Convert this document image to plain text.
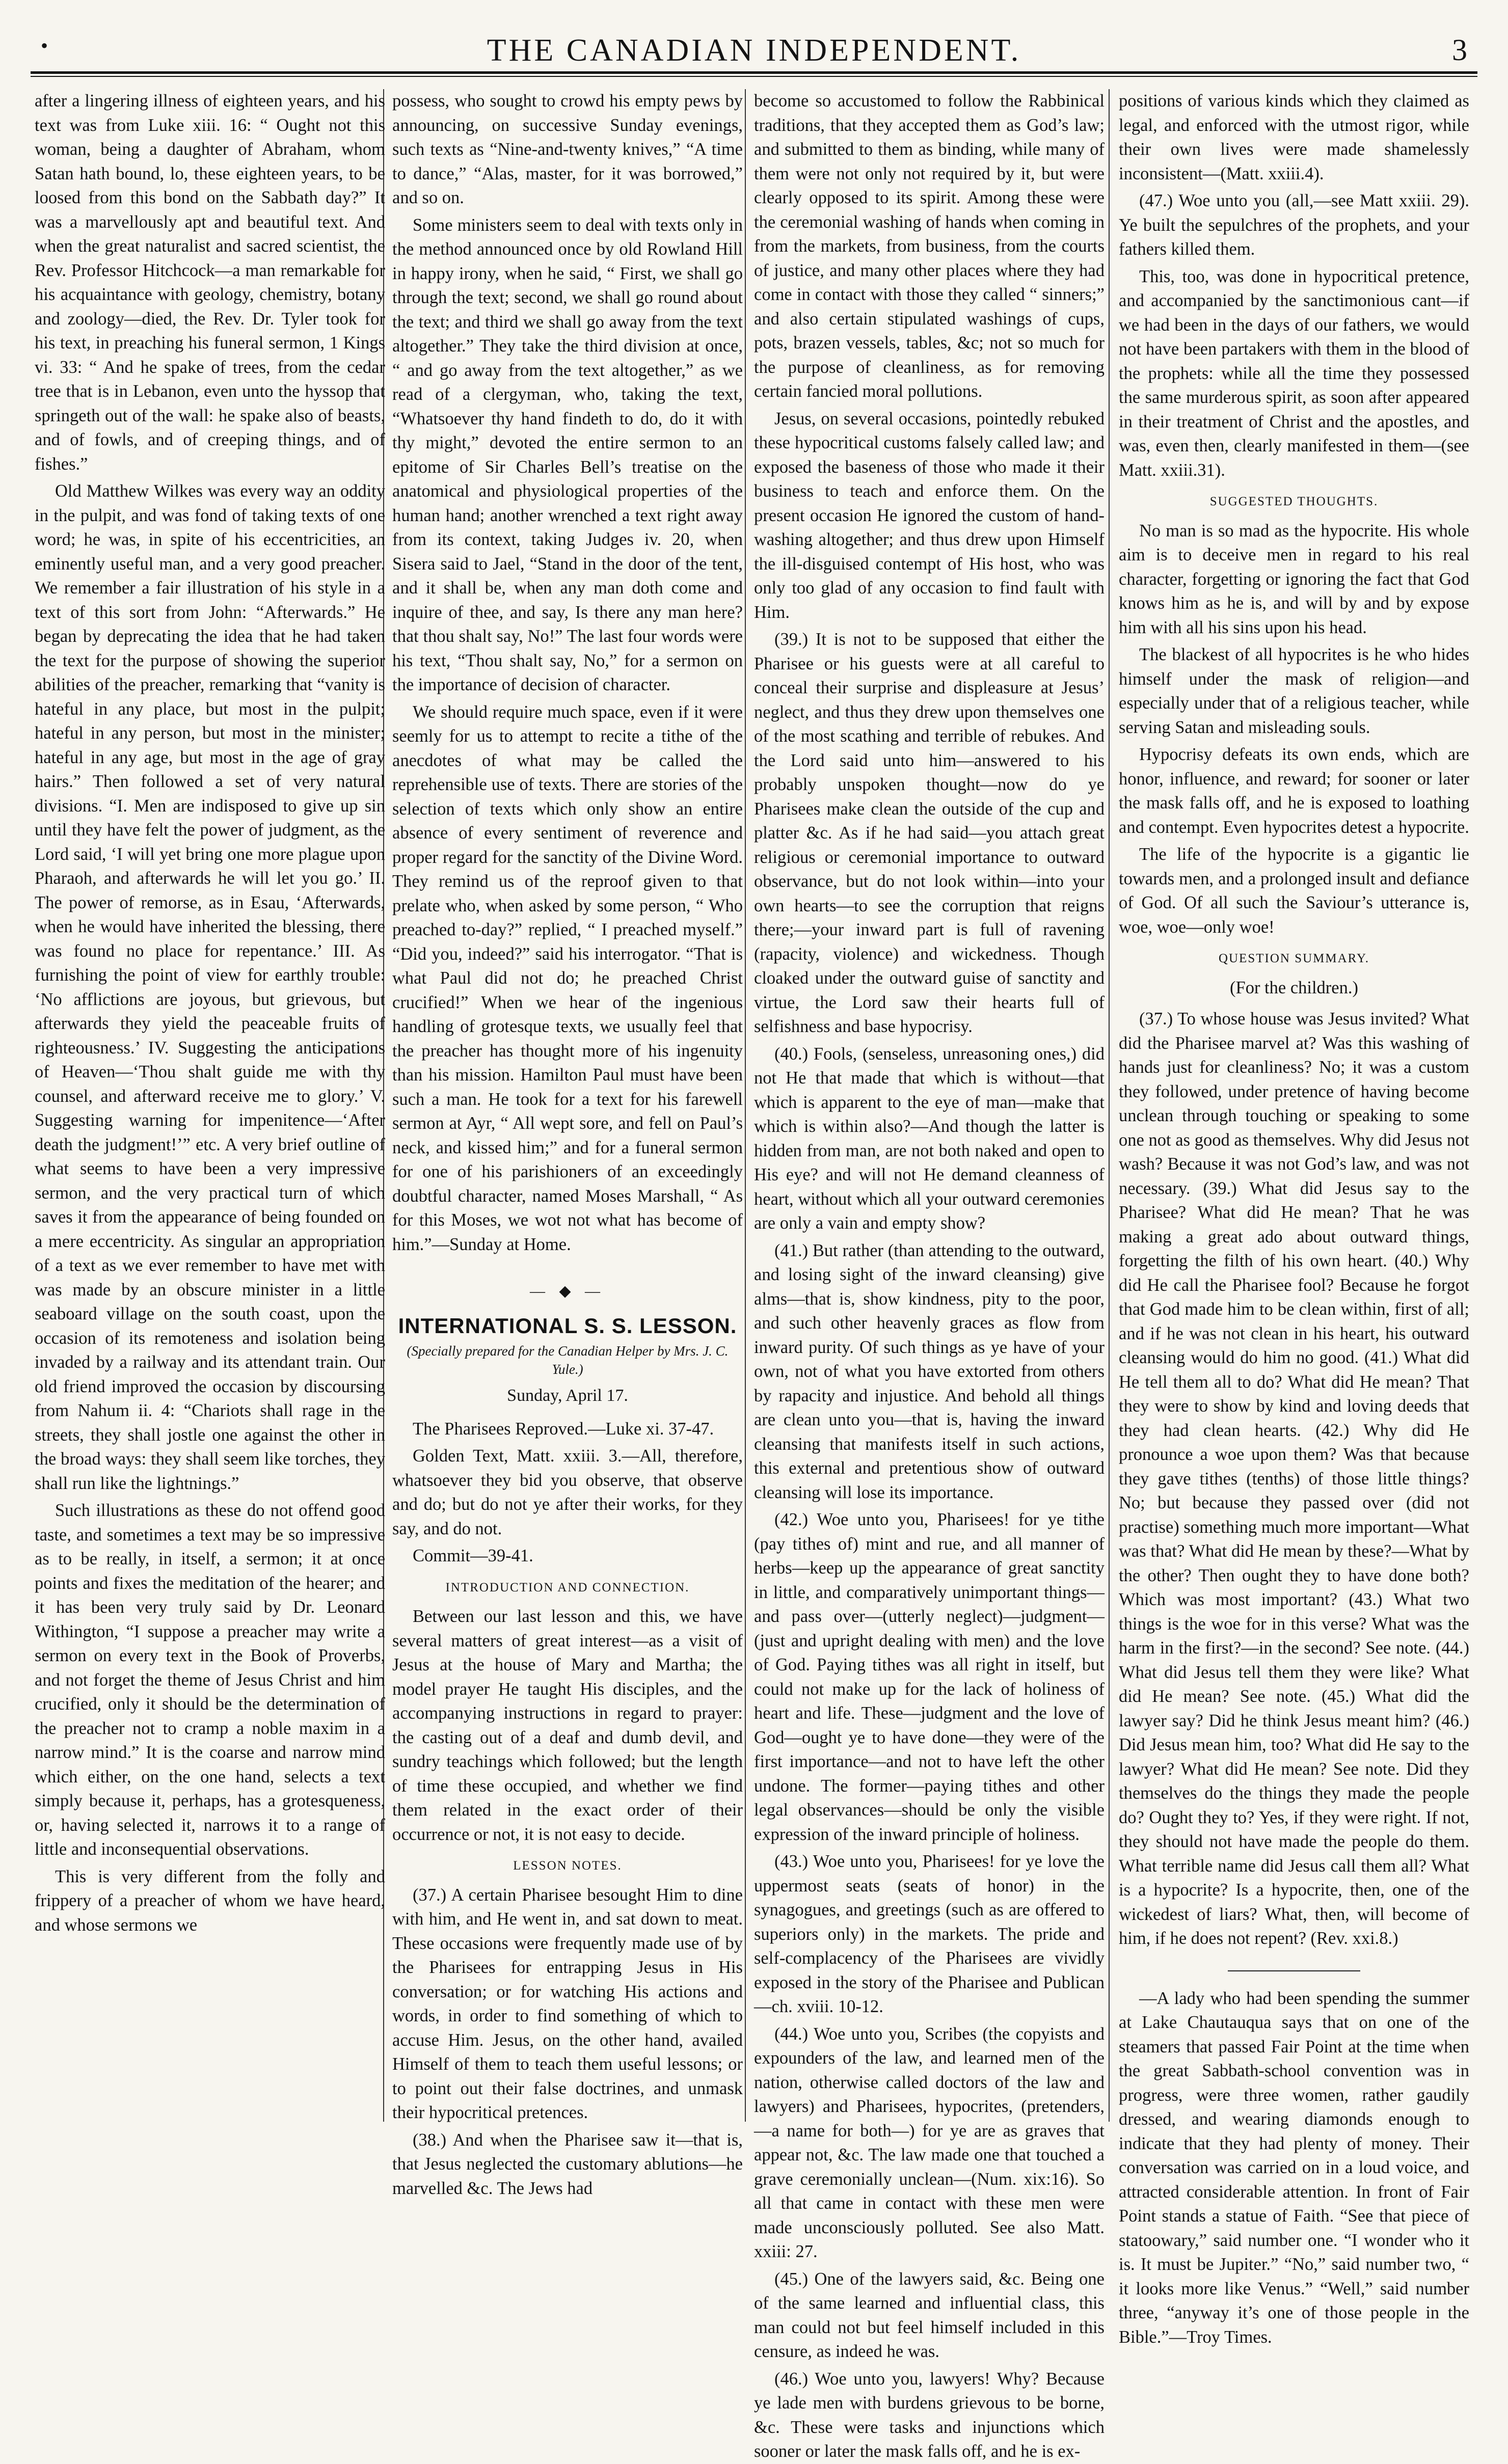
•	THE CANADIAN INDEPENDENT.	3

after a lingering illness of eighteen years, and his text was from Luke xiii. 16: “ Ought not this woman, being a daughter of Abraham, whom Satan hath bound, lo, these eighteen years, to be loosed from this bond on the Sabbath day?” It was a marvellously apt and beautiful text. And when the great naturalist and sacred scientist, the Rev. Professor Hitchcock—a man remarkable for his acquaintance with geology, chemistry, botany and zoology—died, the Rev. Dr. Tyler took for his text, in preaching his funeral sermon, 1 Kings vi. 33: “ And he spake of trees, from the cedar tree that is in Lebanon, even unto the hyssop that springeth out of the wall: he spake also of beasts, and of fowls, and of creeping things, and of fishes.”

Old Matthew Wilkes was every way an oddity in the pulpit, and was fond of taking texts of one word; he was, in spite of his eccentricities, an eminently useful man, and a very good preacher. We remember a fair illustration of his style in a text of this sort from John: “Afterwards.” He began by deprecating the idea that he had taken the text for the purpose of showing the superior abilities of the preacher, remarking that “vanity is hateful in any place, but most in the pulpit; hateful in any person, but most in the minister; hateful in any age, but most in the age of gray hairs.” Then followed a set of very natural divisions. “I. Men are indisposed to give up sin until they have felt the power of judgment, as the Lord said, ‘I will yet bring one more plague upon Pharaoh, and afterwards he will let you go.’ II. The power of remorse, as in Esau, ‘Afterwards, when he would have inherited the blessing, there was found no place for repentance.’ III. As furnishing the point of view for earthly trouble: ‘No afflictions are joyous, but grievous, but afterwards they yield the peaceable fruits of righteousness.’ IV. Suggesting the anticipations of Heaven—‘Thou shalt guide me with thy counsel, and afterward receive me to glory.’ V. Suggesting warning for impenitence—‘After death the judgment!’” etc. A very brief outline of what seems to have been a very impressive sermon, and the very practical turn of which saves it from the appearance of being founded on a mere eccentricity. As singular an appropriation of a text as we ever remember to have met with was made by an obscure minister in a little seaboard village on the south coast, upon the occasion of its remoteness and isolation being invaded by a railway and its attendant train. Our old friend improved the occasion by discoursing from Nahum ii. 4: “Chariots shall rage in the streets, they shall jostle one against the other in the broad ways: they shall seem like torches, they shall run like the lightnings.”

Such illustrations as these do not offend good taste, and sometimes a text may be so impressive as to be really, in itself, a sermon; it at once points and fixes the meditation of the hearer; and it has been very truly said by Dr. Leonard Withington, “I suppose a preacher may write a sermon on every text in the Book of Proverbs, and not forget the theme of Jesus Christ and him crucified, only it should be the determination of the preacher not to cramp a noble maxim in a narrow mind.” It is the coarse and narrow mind which either, on the one hand, selects a text simply because it, perhaps, has a grotesqueness, or, having selected it, narrows it to a range of little and inconsequential observations.

This is very different from the folly and frippery of a preacher of whom we have heard, and whose sermons we

possess, who sought to crowd his empty pews by announcing, on successive Sunday evenings, such texts as “Nine-and-twenty knives,” “A time to dance,” “Alas, master, for it was borrowed,” and so on.

Some ministers seem to deal with texts only in the method announced once by old Rowland Hill in happy irony, when he said, “ First, we shall go through the text; second, we shall go round about the text; and third we shall go away from the text altogether.” They take the third division at once, “ and go away from the text altogether,” as we read of a clergyman, who, taking the text, “Whatsoever thy hand findeth to do, do it with thy might,” devoted the entire sermon to an epitome of Sir Charles Bell’s treatise on the anatomical and physiological properties of the human hand; another wrenched a text right away from its context, taking Judges iv. 20, when Sisera said to Jael, “Stand in the door of the tent, and it shall be, when any man doth come and inquire of thee, and say, Is there any man here? that thou shalt say, No!” The last four words were his text, “Thou shalt say, No,” for a sermon on the importance of decision of character.

We should require much space, even if it were seemly for us to attempt to recite a tithe of the anecdotes of what may be called the reprehensible use of texts. There are stories of the selection of texts which only show an entire absence of every sentiment of reverence and proper regard for the sanctity of the Divine Word. They remind us of the reproof given to that prelate who, when asked by some person, “ Who preached to-day?” replied, “ I preached myself.” “Did you, indeed?” said his interrogator. “That is what Paul did not do; he preached Christ crucified!” When we hear of the ingenious handling of grotesque texts, we usually feel that the preacher has thought more of his ingenuity than his mission. Hamilton Paul must have been such a man. He took for a text for his farewell sermon at Ayr, “ All wept sore, and fell on Paul’s neck, and kissed him;” and for a funeral sermon for one of his parishioners of an exceedingly doubtful character, named Moses Marshall, “ As for this Moses, we wot not what has become of him.”—Sunday at Home.

— ◆ —
INTERNATIONAL S. S. LESSON.
(Specially prepared for the Canadian Helper by Mrs. J. C. Yule.)
Sunday, April 17.

The Pharisees Reproved.—Luke xi. 37-47.

Golden Text, Matt. xxiii. 3.—All, therefore, whatsoever they bid you observe, that observe and do; but do not ye after their works, for they say, and do not.

Commit—39-41.

INTRODUCTION AND CONNECTION.

Between our last lesson and this, we have several matters of great interest—as a visit of Jesus at the house of Mary and Martha; the model prayer He taught His disciples, and the accompanying instructions in regard to prayer: the casting out of a deaf and dumb devil, and sundry teachings which followed; but the length of time these occupied, and whether we find them related in the exact order of their occurrence or not, it is not easy to decide.

LESSON NOTES.

(37.) A certain Pharisee besought Him to dine with him, and He went in, and sat down to meat. These occasions were frequently made use of by the Pharisees for entrapping Jesus in His conversation; or for watching His actions and words, in order to find something of which to accuse Him. Jesus, on the other hand, availed Himself of them to teach them useful lessons; or to point out their false doctrines, and unmask their hypocritical pretences.

(38.) And when the Pharisee saw it—that is, that Jesus neglected the customary ablutions—he marvelled &c. The Jews had

become so accustomed to follow the Rabbinical traditions, that they accepted them as God’s law; and submitted to them as binding, while many of them were not only not required by it, but were clearly opposed to its spirit. Among these were the ceremonial washing of hands when coming in from the markets, from business, from the courts of justice, and many other places where they had come in contact with those they called “ sinners;” and also certain stipulated washings of cups, pots, brazen vessels, tables, &c; not so much for the purpose of cleanliness, as for removing certain fancied moral pollutions.

Jesus, on several occasions, pointedly rebuked these hypocritical customs falsely called law; and exposed the baseness of those who made it their business to teach and enforce them. On the present occasion He ignored the custom of hand-washing altogether; and thus drew upon Himself the ill-disguised contempt of His host, who was only too glad of any occasion to find fault with Him.

(39.) It is not to be supposed that either the Pharisee or his guests were at all careful to conceal their surprise and displeasure at Jesus’ neglect, and thus they drew upon themselves one of the most scathing and terrible of rebukes. And the Lord said unto him—answered to his probably unspoken thought—now do ye Pharisees make clean the outside of the cup and platter &c. As if he had said—you attach great religious or ceremonial importance to outward observance, but do not look within—into your own hearts—to see the corruption that reigns there;—your inward part is full of ravening (rapacity, violence) and wickedness. Though cloaked under the outward guise of sanctity and virtue, the Lord saw their hearts full of selfishness and base hypocrisy.

(40.) Fools, (senseless, unreasoning ones,) did not He that made that which is without—that which is apparent to the eye of man—make that which is within also?—And though the latter is hidden from man, are not both naked and open to His eye? and will not He demand cleanness of heart, without which all your outward ceremonies are only a vain and empty show?

(41.) But rather (than attending to the outward, and losing sight of the inward cleansing) give alms—that is, show kindness, pity to the poor, and such other heavenly graces as flow from inward purity. Of such things as ye have of your own, not of what you have extorted from others by rapacity and injustice. And behold all things are clean unto you—that is, having the inward cleansing that manifests itself in such actions, this external and pretentious show of outward cleansing will lose its importance.

(42.) Woe unto you, Pharisees! for ye tithe (pay tithes of) mint and rue, and all manner of herbs—keep up the appearance of great sanctity in little, and comparatively unimportant things—and pass over—(utterly neglect)—judgment—(just and upright dealing with men) and the love of God. Paying tithes was all right in itself, but could not make up for the lack of holiness of heart and life. These—judgment and the love of God—ought ye to have done—they were of the first importance—and not to have left the other undone. The former—paying tithes and other legal observances—should be only the visible expression of the inward principle of holiness.

(43.) Woe unto you, Pharisees! for ye love the uppermost seats (seats of honor) in the synagogues, and greetings (such as are offered to superiors only) in the markets. The pride and self-complacency of the Pharisees are vividly exposed in the story of the Pharisee and Publican—ch. xviii. 10-12.

(44.) Woe unto you, Scribes (the copyists and expounders of the law, and learned men of the nation, otherwise called doctors of the law and lawyers) and Pharisees, hypocrites, (pretenders,—a name for both—) for ye are as graves that appear not, &c. The law made one that touched a grave ceremonially unclean—(Num. xix:16). So all that came in contact with these men were made unconsciously polluted. See also Matt. xxiii: 27.

(45.) One of the lawyers said, &c. Being one of the same learned and influential class, this man could not but feel himself included in this censure, as indeed he was.

(46.) Woe unto you, lawyers! Why? Because ye lade men with burdens grievous to be borne, &c. These were tasks and injunctions which sooner or later the mask falls off, and he is ex-

positions of various kinds which they claimed as legal, and enforced with the utmost rigor, while their own lives were made shamelessly inconsistent—(Matt. xxiii.4).

(47.) Woe unto you (all,—see Matt xxiii. 29). Ye built the sepulchres of the prophets, and your fathers killed them.

This, too, was done in hypocritical pretence, and accompanied by the sanctimonious cant—if we had been in the days of our fathers, we would not have been partakers with them in the blood of the prophets: while all the time they possessed the same murderous spirit, as soon after appeared in their treatment of Christ and the apostles, and was, even then, clearly manifested in them—(see Matt. xxiii.31).

SUGGESTED THOUGHTS.

No man is so mad as the hypocrite. His whole aim is to deceive men in regard to his real character, forgetting or ignoring the fact that God knows him as he is, and will by and by expose him with all his sins upon his head.

The blackest of all hypocrites is he who hides himself under the mask of religion—and especially under that of a religious teacher, while serving Satan and misleading souls.

Hypocrisy defeats its own ends, which are honor, influence, and reward; for sooner or later the mask falls off, and he is exposed to loathing and contempt. Even hypocrites detest a hypocrite.

The life of the hypocrite is a gigantic lie towards men, and a prolonged insult and defiance of God. Of all such the Saviour’s utterance is, woe, woe—only woe!

QUESTION SUMMARY.
(For the children.)

(37.) To whose house was Jesus invited? What did the Pharisee marvel at? Was this washing of hands just for cleanliness? No; it was a custom they followed, under pretence of having become unclean through touching or speaking to some one not as good as themselves. Why did Jesus not wash? Because it was not God’s law, and was not necessary. (39.) What did Jesus say to the Pharisee? What did He mean? That he was making a great ado about outward things, forgetting the filth of his own heart. (40.) Why did He call the Pharisee fool? Because he forgot that God made him to be clean within, first of all; and if he was not clean in his heart, his outward cleansing would do him no good. (41.) What did He tell them all to do? What did He mean? That they were to show by kind and loving deeds that they had clean hearts. (42.) Why did He pronounce a woe upon them? Was that because they gave tithes (tenths) of those little things? No; but because they passed over (did not practise) something much more important—What was that? What did He mean by these?—What by the other? Then ought they to have done both? Which was most important? (43.) What two things is the woe for in this verse? What was the harm in the first?—in the second? See note. (44.) What did Jesus tell them they were like? What did He mean? See note. (45.) What did the lawyer say? Did he think Jesus meant him? (46.) Did Jesus mean him, too? What did He say to the lawyer? What did He mean? See note. Did they themselves do the things they made the people do? Ought they to? Yes, if they were right. If not, they should not have made the people do them. What terrible name did Jesus call them all? What is a hypocrite? Is a hypocrite, then, one of the wickedest of liars? What, then, will become of him, if he does not repent? (Rev. xxi.8.)

—A lady who had been spending the summer at Lake Chautauqua says that on one of the steamers that passed Fair Point at the time when the great Sabbath-school convention was in progress, were three women, rather gaudily dressed, and wearing diamonds enough to indicate that they had plenty of money. Their conversation was carried on in a loud voice, and attracted considerable attention. In front of Fair Point stands a statue of Faith. “See that piece of statoowary,” said number one. “I wonder who it is. It must be Jupiter.” “No,” said number two, “ it looks more like Venus.” “Well,” said number three, “anyway it’s one of those people in the Bible.”—Troy Times.
